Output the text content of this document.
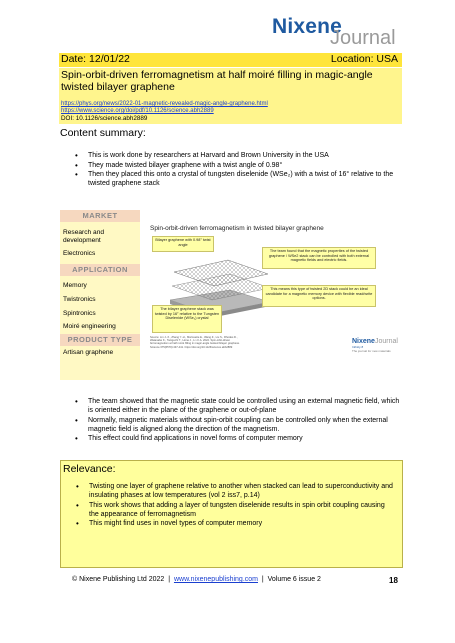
Nixene
Journal
Date: 12/01/22	Location: USA
Spin-orbit-driven ferromagnetism at half moiré filling in magic-angle twisted bilayer graphene
https://phys.org/news/2022-01-magnetic-revealed-magic-angle-graphene.html
https://www.science.org/doi/pdf/10.1126/science.abh2889
DOI: 10.1126/science.abh2889
Content summary:
• This is work done by researchers at Harvard and Brown University in the USA
• They made twisted bilayer graphene with a twist angle of 0.98°
• Then they placed this onto a crystal of tungsten diselenide (WSe₂) with a twist of 16° relative to the twisted graphene stack
MARKET
Research and development
Electronics
APPLICATION
Memory
Twistronics
Spintronics
Moiré engineering
PRODUCT TYPE
Artisan graphene
Spin-orbit-driven ferromagnetism in twisted bilayer graphene
Bilayer graphene with 0.98° twist angle
The team found that the magnetic properties of the twisted graphene / WSe2 stack can be controlled with both external magnetic fields and electric fields.
This means this type of twisted 2D stack could be an ideal candidate for a magnetic memory device with flexible read/write options.
The bilayer graphene stack was twisted by 16° relative to the Tungsten Diselenide (WSe₂) crystal
Source: Lin J.-X., Zhang Y.-H., Morissette E., Wang Z., Liu S., Rhodes D., Watanabe K., Taniguchi T., Hone J., Li J.I.A. 2022. Spin-orbit-driven ferromagnetism at half moiré filling in magic-angle twisted bilayer graphene. Science 375(6579):437-441. https://doi.org/10.1126/science.abh2889
NixeneJournal
Infinity 8
The journal for new materials
• The team showed that the magnetic state could be controlled using an external magnetic field, which is oriented either in the plane of the graphene or out-of-plane
• Normally, magnetic materials without spin-orbit coupling can be controlled only when the external magnetic field is aligned along the direction of the magnetism.
• This effect could find applications in novel forms of computer memory
Relevance:
• Twisting one layer of graphene relative to another when stacked can lead to superconductivity and insulating phases at low temperatures (vol 2 iss7, p.14)
• This work shows that adding a layer of tungsten diselenide results in spin orbit coupling causing the appearance of ferromagnetism
• This might find uses in novel types of computer memory
© Nixene Publishing Ltd 2022 | www.nixenepublishing.com | Volume 6 issue 2	18
